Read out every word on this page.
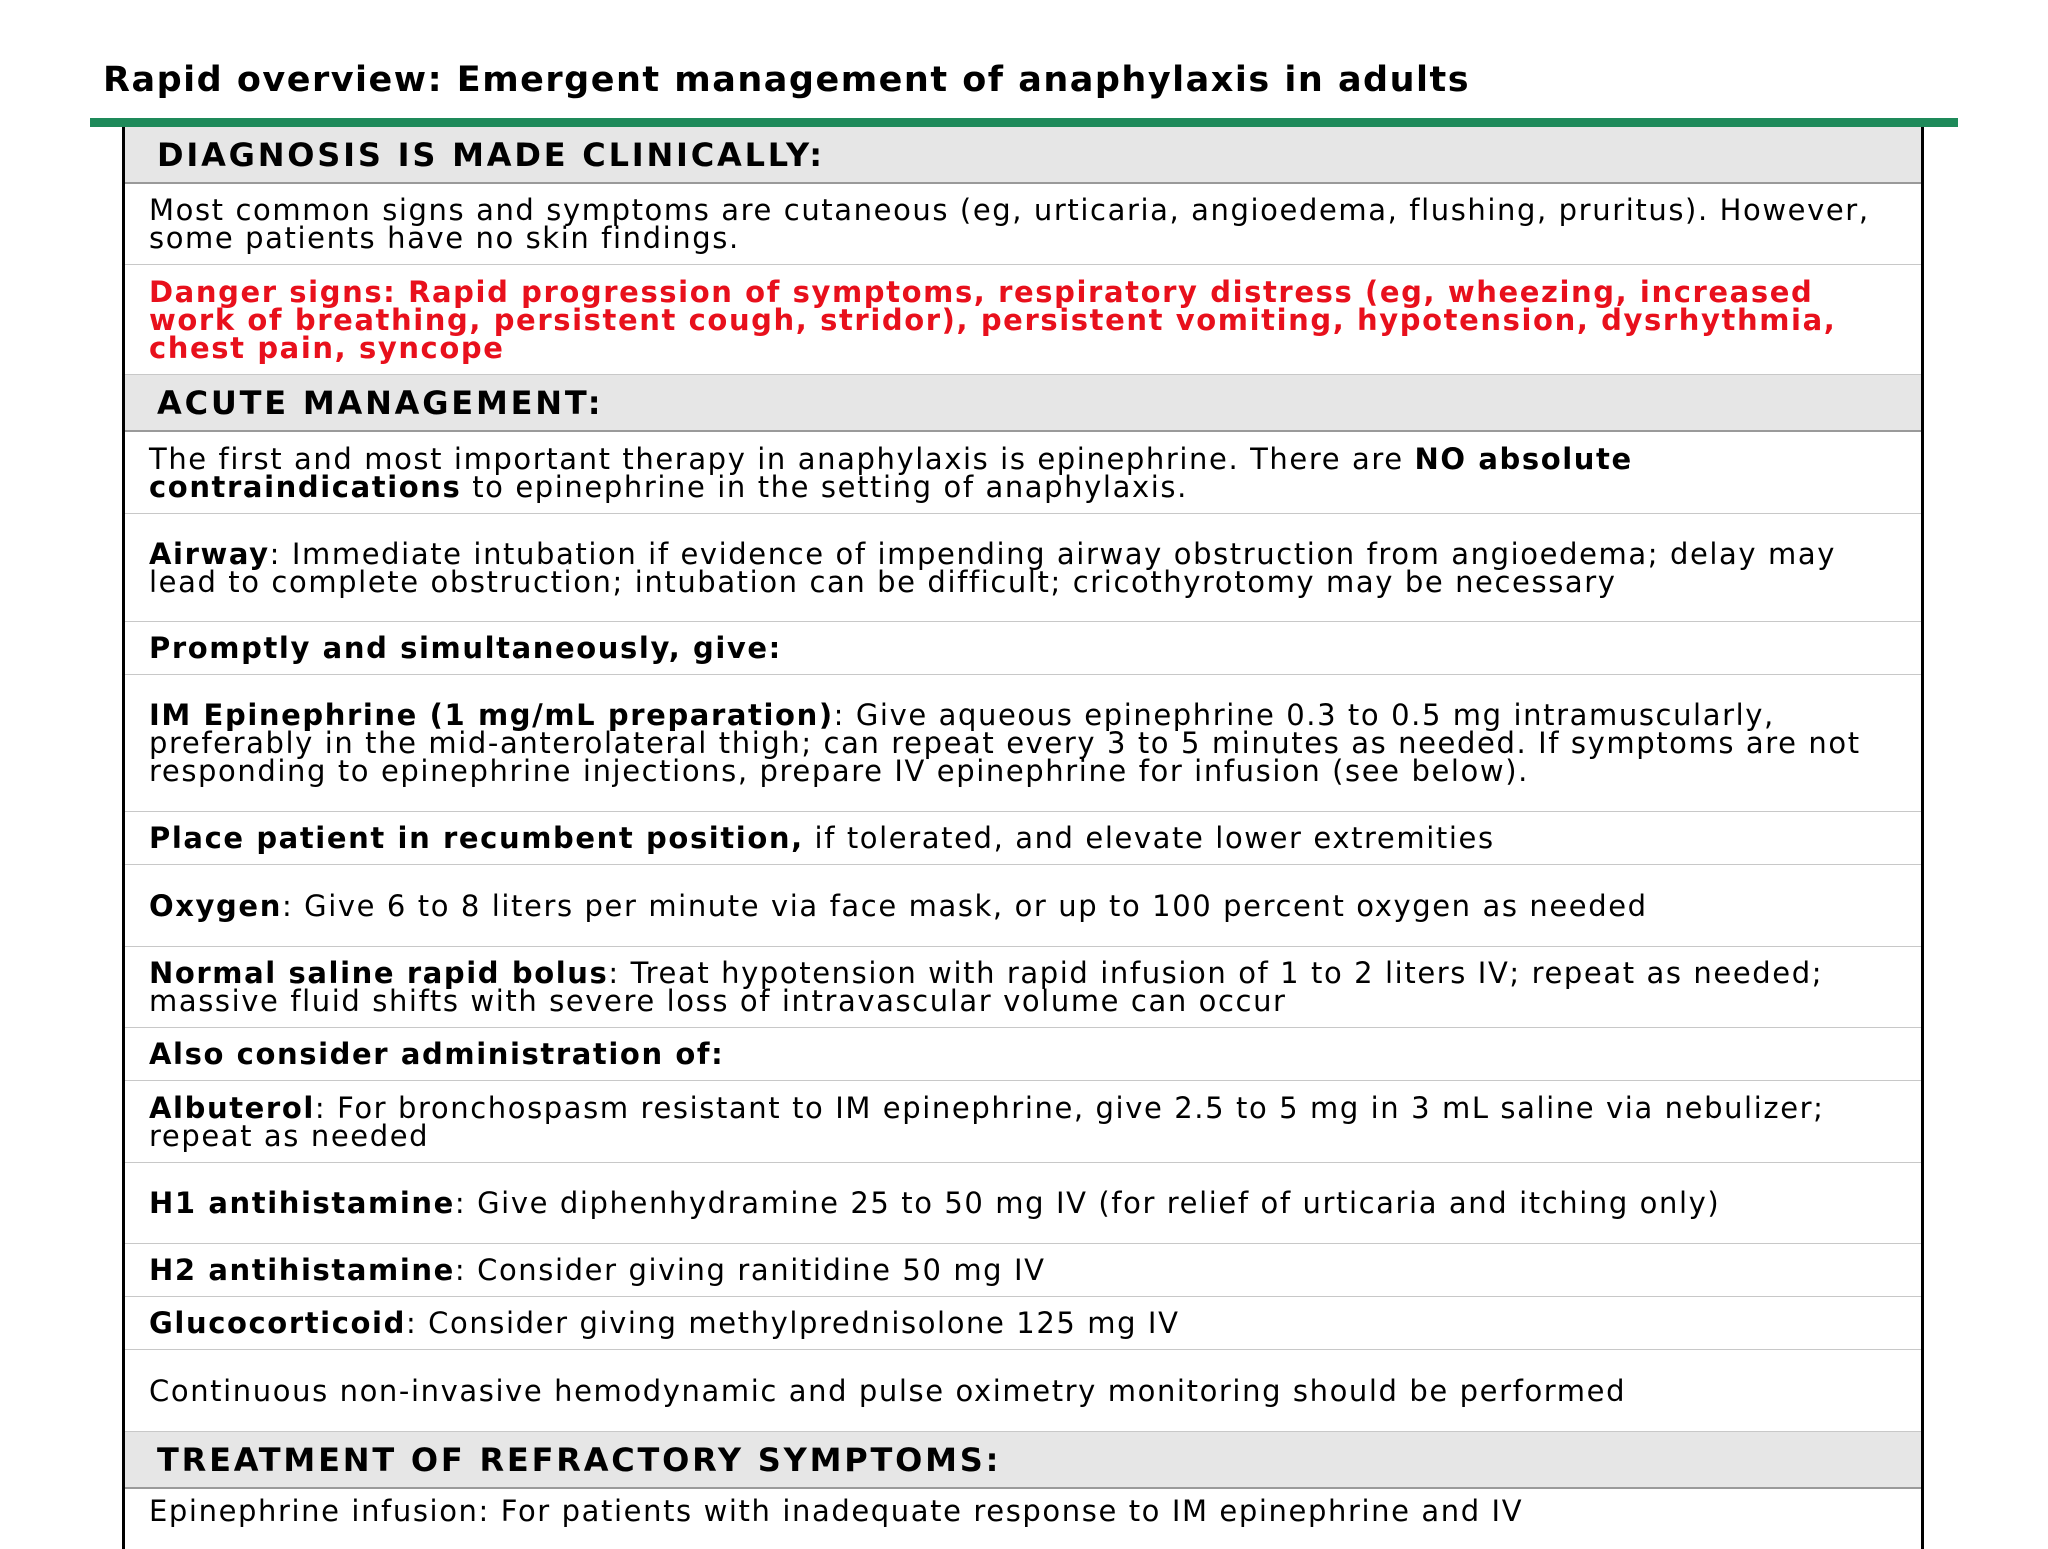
Rapid overview: Emergent management of anaphylaxis in adults
DIAGNOSIS IS MADE CLINICALLY:
Most common signs and symptoms are cutaneous (eg, urticaria, angioedema, flushing, pruritus). However, some patients have no skin findings.
Danger signs: Rapid progression of symptoms, respiratory distress (eg, wheezing, increased work of breathing, persistent cough, stridor), persistent vomiting, hypotension, dysrhythmia, chest pain, syncope
ACUTE MANAGEMENT:
The first and most important therapy in anaphylaxis is epinephrine. There are NO absolute contraindications to epinephrine in the setting of anaphylaxis.
Airway: Immediate intubation if evidence of impending airway obstruction from angioedema; delay may lead to complete obstruction; intubation can be difficult; cricothyrotomy may be necessary
Promptly and simultaneously, give:
IM Epinephrine (1 mg/mL preparation): Give aqueous epinephrine 0.3 to 0.5 mg intramuscularly, preferably in the mid-anterolateral thigh; can repeat every 3 to 5 minutes as needed. If symptoms are not responding to epinephrine injections, prepare IV epinephrine for infusion (see below).
Place patient in recumbent position, if tolerated, and elevate lower extremities
Oxygen: Give 6 to 8 liters per minute via face mask, or up to 100 percent oxygen as needed
Normal saline rapid bolus: Treat hypotension with rapid infusion of 1 to 2 liters IV; repeat as needed; massive fluid shifts with severe loss of intravascular volume can occur
Also consider administration of:
Albuterol: For bronchospasm resistant to IM epinephrine, give 2.5 to 5 mg in 3 mL saline via nebulizer; repeat as needed
H1 antihistamine: Give diphenhydramine 25 to 50 mg IV (for relief of urticaria and itching only)
H2 antihistamine: Consider giving ranitidine 50 mg IV
Glucocorticoid: Consider giving methylprednisolone 125 mg IV
Continuous non-invasive hemodynamic and pulse oximetry monitoring should be performed
TREATMENT OF REFRACTORY SYMPTOMS:
Epinephrine infusion: For patients with inadequate response to IM epinephrine and IV
